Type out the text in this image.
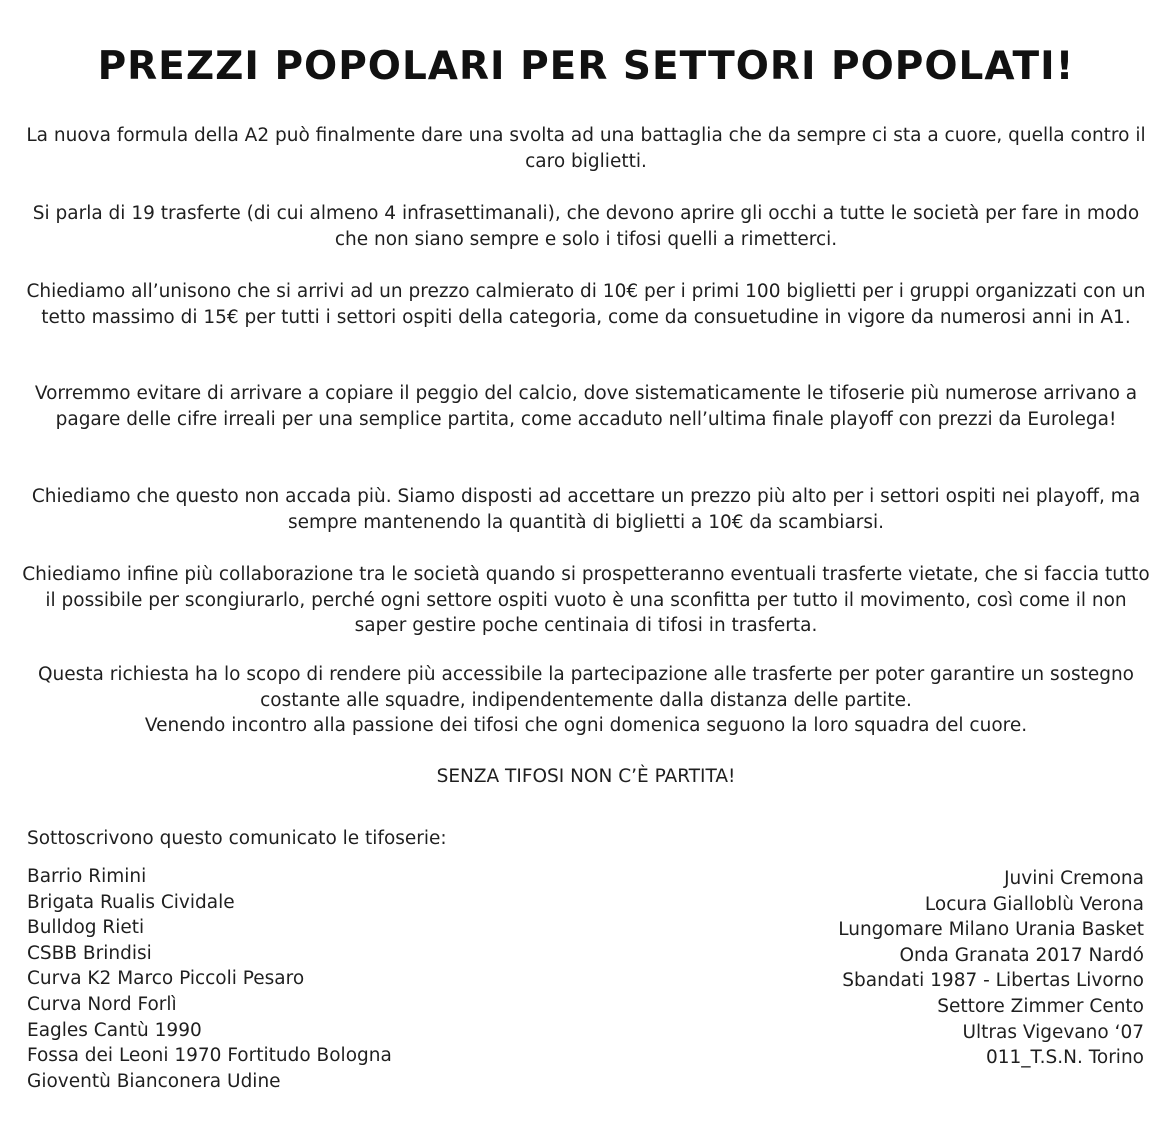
PREZZI POPOLARI PER SETTORI POPOLATI!

La nuova formula della A2 può finalmente dare una svolta ad una battaglia che da sempre ci sta a cuore, quella contro il caro biglietti.

Si parla di 19 trasferte (di cui almeno 4 infrasettimanali), che devono aprire gli occhi a tutte le società per fare in modo che non siano sempre e solo i tifosi quelli a rimetterci.

Chiediamo all’unisono che si arrivi ad un prezzo calmierato di 10€ per i primi 100 biglietti per i gruppi organizzati con un tetto massimo di 15€ per tutti i settori ospiti della categoria, come da consuetudine in vigore da numerosi anni in A1.

Vorremmo evitare di arrivare a copiare il peggio del calcio, dove sistematicamente le tifoserie più numerose arrivano a pagare delle cifre irreali per una semplice partita, come accaduto nell’ultima finale playoff con prezzi da Eurolega!

Chiediamo che questo non accada più. Siamo disposti ad accettare un prezzo più alto per i settori ospiti nei playoff, ma sempre mantenendo la quantità di biglietti a 10€ da scambiarsi.

Chiediamo infine più collaborazione tra le società quando si prospetteranno eventuali trasferte vietate, che si faccia tutto il possibile per scongiurarlo, perché ogni settore ospiti vuoto è una sconfitta per tutto il movimento, così come il non saper gestire poche centinaia di tifosi in trasferta.

Questa richiesta ha lo scopo di rendere più accessibile la partecipazione alle trasferte per poter garantire un sostegno costante alle squadre, indipendentemente dalla distanza delle partite.
Venendo incontro alla passione dei tifosi che ogni domenica seguono la loro squadra del cuore.

SENZA TIFOSI NON C’È PARTITA!

Sottoscrivono questo comunicato le tifoserie:

Barrio Rimini
Brigata Rualis Cividale
Bulldog Rieti
CSBB Brindisi
Curva K2 Marco Piccoli Pesaro
Curva Nord Forlì
Eagles Cantù 1990
Fossa dei Leoni 1970 Fortitudo Bologna
Gioventù Bianconera Udine
Juvini Cremona
Locura Gialloblù Verona
Lungomare Milano Urania Basket
Onda Granata 2017 Nardó
Sbandati 1987 - Libertas Livorno
Settore Zimmer Cento
Ultras Vigevano ‘07
011_T.S.N. Torino
